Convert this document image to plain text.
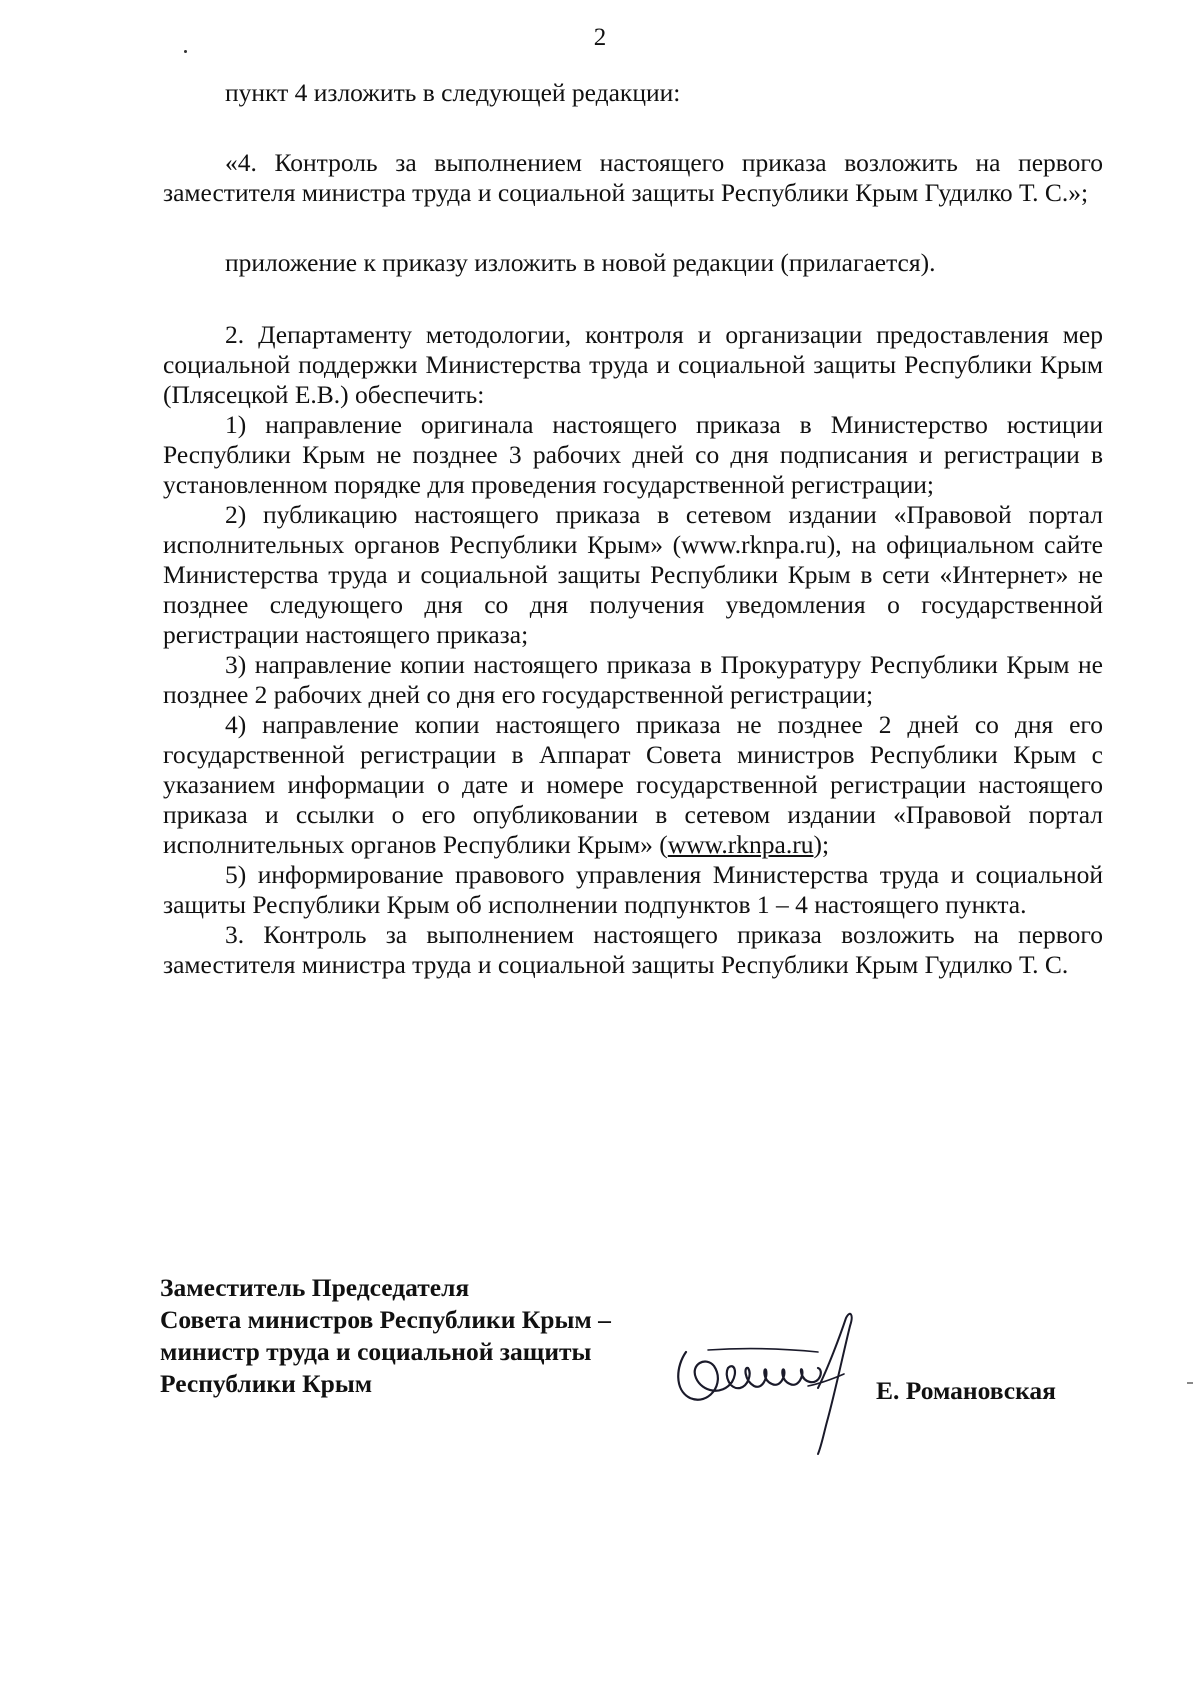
2

пункт 4 изложить в следующей редакции:

«4. Контроль за выполнением настоящего приказа возложить на первого заместителя министра труда и социальной защиты Республики Крым Гудилко Т. С.»;

приложение к приказу изложить в новой редакции (прилагается).

2. Департаменту методологии, контроля и организации предоставления мер социальной поддержки Министерства труда и социальной защиты Республики Крым (Плясецкой Е.В.) обеспечить:

1) направление оригинала настоящего приказа в Министерство юстиции Республики Крым не позднее 3 рабочих дней со дня подписания и регистрации в установленном порядке для проведения государственной регистрации;

2) публикацию настоящего приказа в сетевом издании «Правовой портал исполнительных органов Республики Крым» (www.rknpa.ru), на официальном сайте Министерства труда и социальной защиты Республики Крым в сети «Интернет» не позднее следующего дня со дня получения уведомления о государственной регистрации настоящего приказа;

3) направление копии настоящего приказа в Прокуратуру Республики Крым не позднее 2 рабочих дней со дня его государственной регистрации;

4) направление копии настоящего приказа не позднее 2 дней со дня его государственной регистрации в Аппарат Совета министров Республики Крым с указанием информации о дате и номере государственной регистрации настоящего приказа и ссылки о его опубликовании в сетевом издании «Правовой портал исполнительных органов Республики Крым» (www.rknpa.ru);

5) информирование правового управления Министерства труда и социальной защиты Республики Крым об исполнении подпунктов 1 – 4 настоящего пункта.

3. Контроль за выполнением настоящего приказа возложить на первого заместителя министра труда и социальной защиты Республики Крым Гудилко Т. С.

Заместитель Председателя
Совета министров Республики Крым –
министр труда и социальной защиты
Республики Крым	Е. Романовская
